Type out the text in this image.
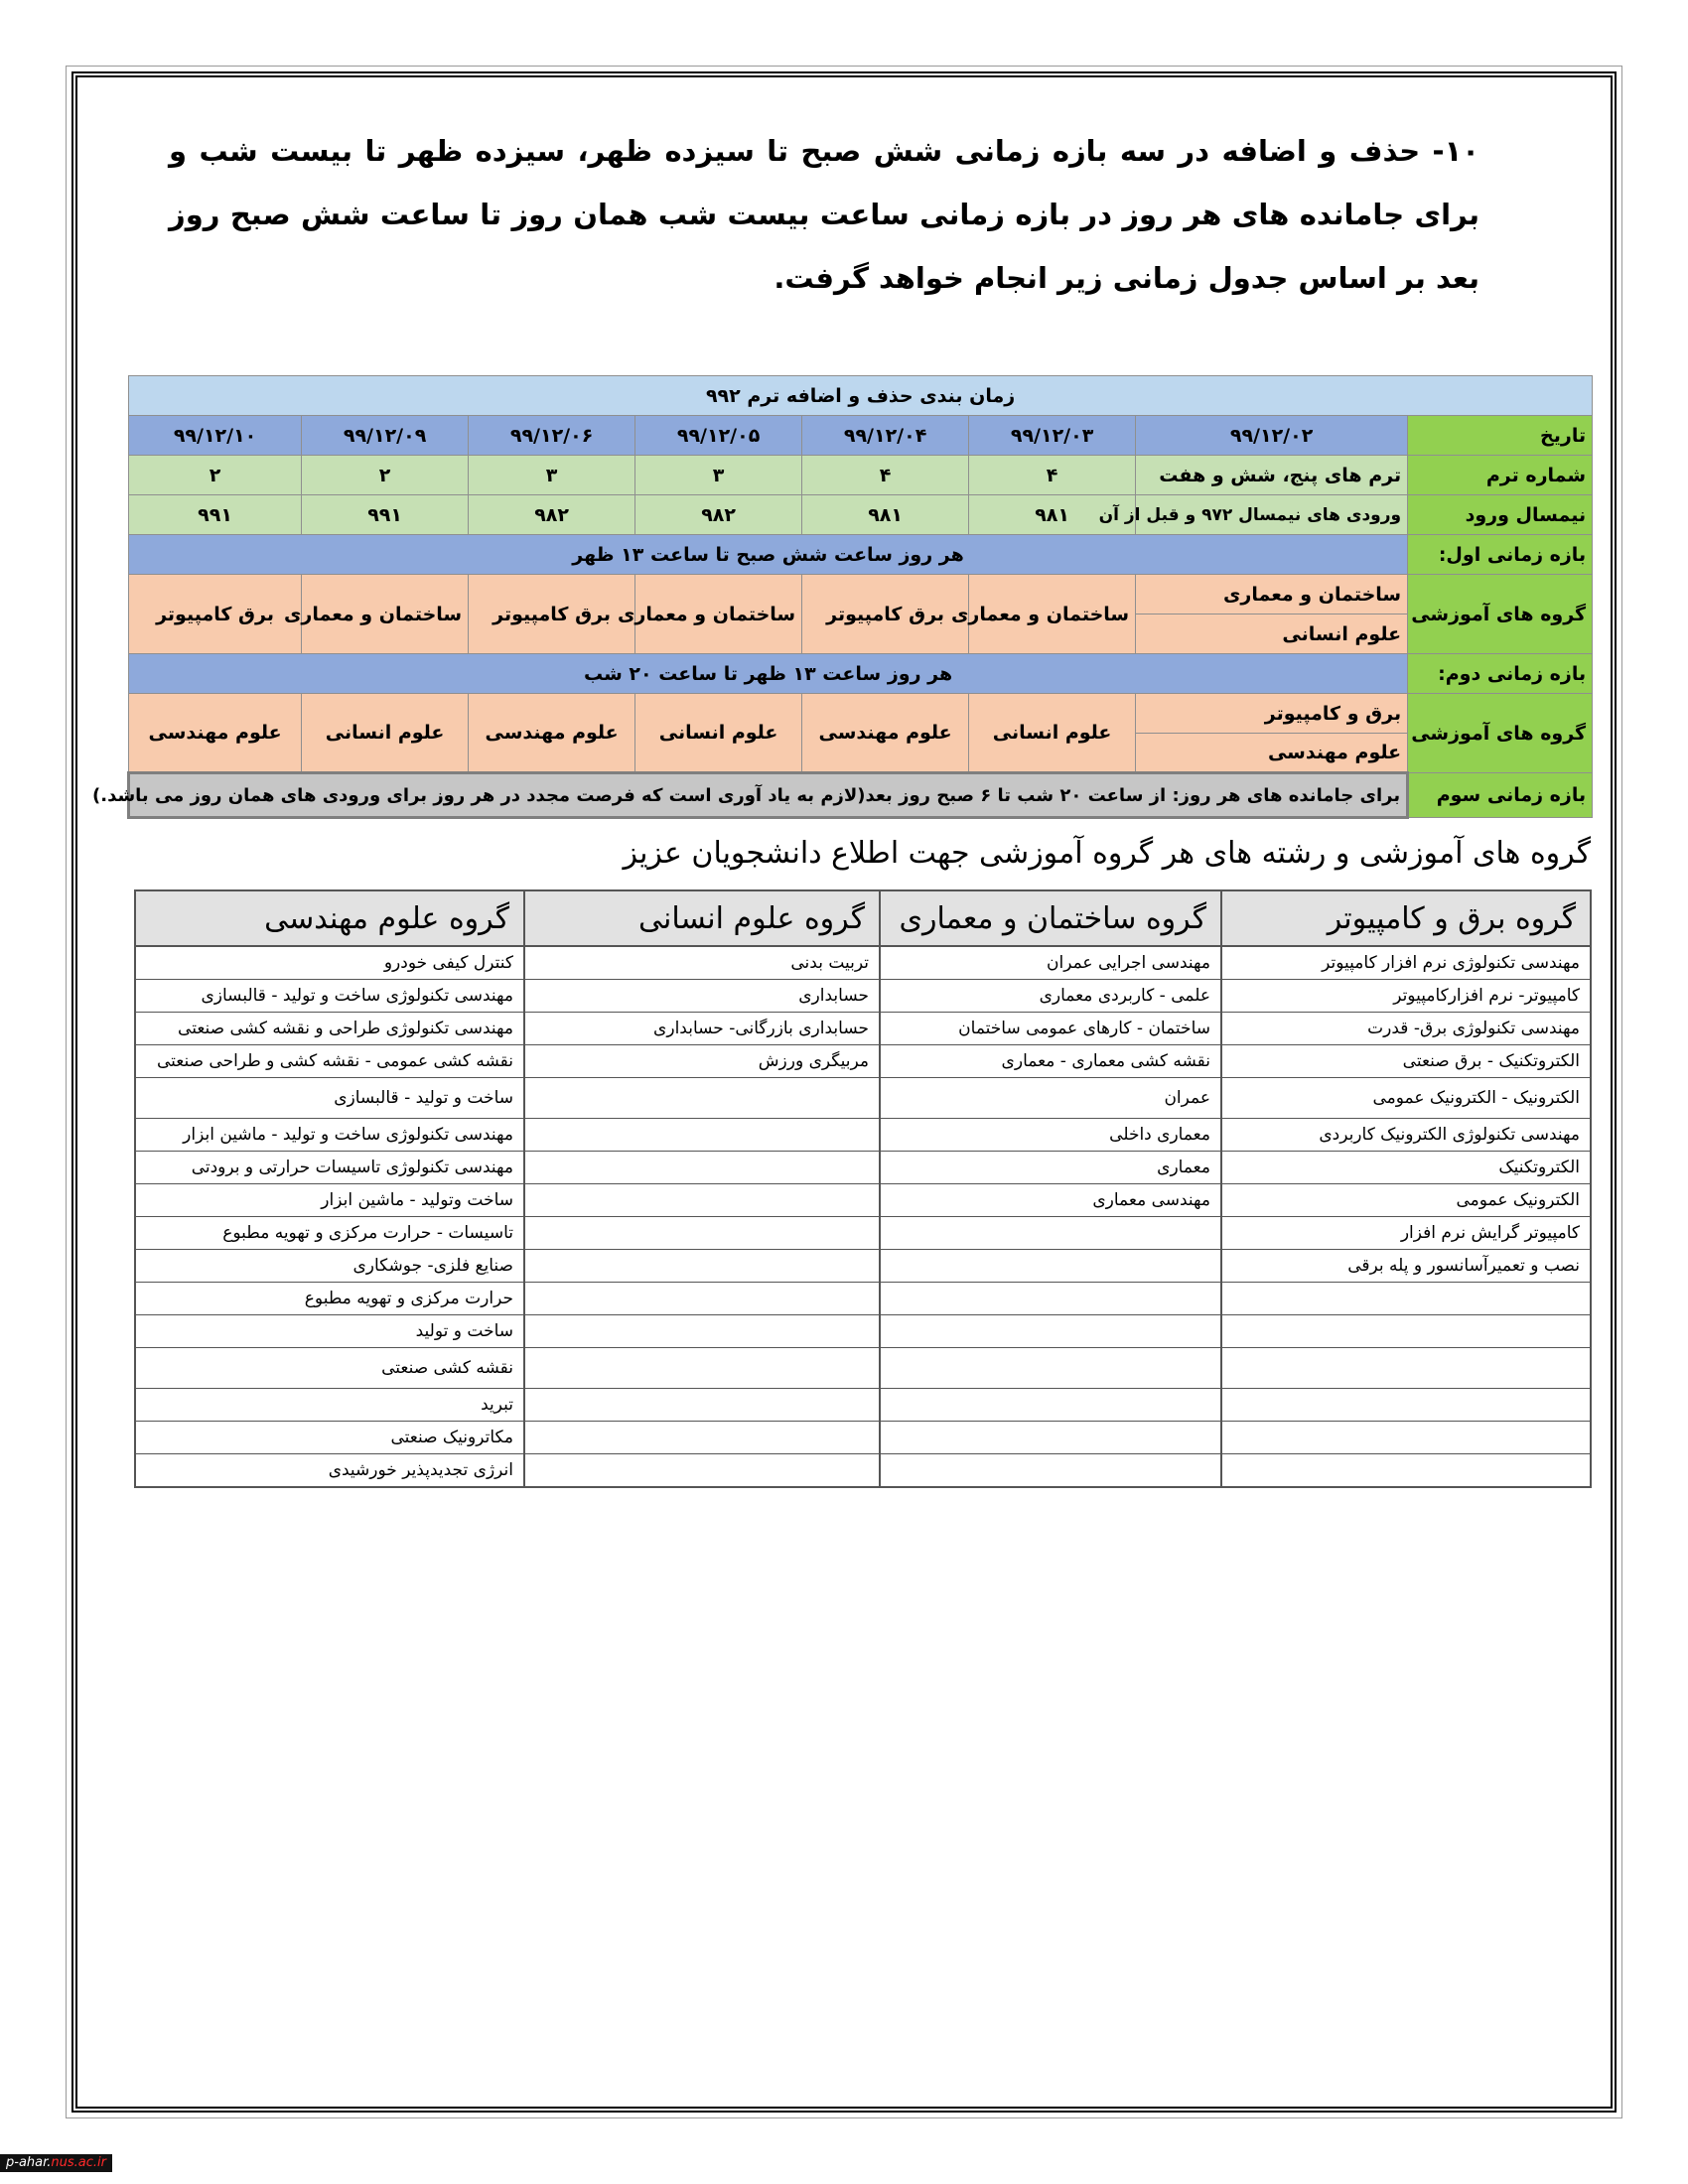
۱۰- حذف و اضافه در سه بازه زمانی شش صبح تا سیزده ظهر، سیزده ظهر تا بیست شب و برای جامانده های هر روز در بازه زمانی ساعت بیست شب همان روز تا ساعت شش صبح روز بعد بر اساس جدول زمانی زیر انجام خواهد گرفت.
زمان بندی حذف و اضافه ترم ۹۹۲							
تاریخ	۹۹/۱۲/۰۲	۹۹/۱۲/۰۳	۹۹/۱۲/۰۴	۹۹/۱۲/۰۵	۹۹/۱۲/۰۶	۹۹/۱۲/۰۹	۹۹/۱۲/۱۰
شماره ترم	ترم های پنج، شش و هفت	۴	۴	۳	۳	۲	۲
نیمسال ورود	ورودی های نیمسال ۹۷۲ و قبل از آن	۹۸۱	۹۸۱	۹۸۲	۹۸۲	۹۹۱	۹۹۱
بازه زمانی اول:	هر روز ساعت شش صبح تا ساعت ۱۳ ظهر						
گروه های آموزشی	ساختمان و معماری	ساختمان و معماری	برق کامپیوتر	ساختمان و معماری	برق کامپیوتر	ساختمان و معماری	برق کامپیوتر
	علوم انسانی						
بازه زمانی دوم:	هر روز ساعت ۱۳ ظهر تا ساعت ۲۰ شب						
گروه های آموزشی	برق و کامپیوتر	علوم انسانی	علوم مهندسی	علوم انسانی	علوم مهندسی	علوم انسانی	علوم مهندسی
	علوم مهندسی						
بازه زمانی سوم	برای جامانده های هر روز: از ساعت ۲۰ شب تا ۶ صبح روز بعد(لازم به یاد آوری است که فرصت مجدد در هر روز برای ورودی های همان روز می باشد.)						
گروه های آموزشی و رشته های هر گروه آموزشی جهت اطلاع دانشجویان عزیز
گروه برق و کامپیوتر	گروه ساختمان و معماری	گروه علوم انسانی	گروه علوم مهندسی
مهندسی تکنولوژی نرم افزار کامپیوتر	مهندسی اجرایی عمران	تربیت بدنی	کنترل کیفی خودرو
کامپیوتر- نرم افزارکامپیوتر	علمی - کاربردی معماری	حسابداری	مهندسی تکنولوژی ساخت و تولید - قالبسازی
مهندسی تکنولوژی برق- قدرت	ساختمان - کارهای عمومی ساختمان	حسابداری بازرگانی- حسابداری	مهندسی تکنولوژی طراحی و نقشه کشی صنعتی
الکتروتکنیک - برق صنعتی	نقشه کشی معماری - معماری	مربیگری ورزش	نقشه کشی عمومی - نقشه کشی و طراحی صنعتی
الکترونیک - الکترونیک عمومی	عمران		ساخت و تولید - قالبسازی
مهندسی تکنولوژی الکترونیک کاربردی	معماری داخلی		مهندسی تکنولوژی ساخت و تولید - ماشین ابزار
الکتروتکنیک	معماری		مهندسی تکنولوژی تاسیسات حرارتی و برودتی
الکترونیک عمومی	مهندسی معماری		ساخت وتولید - ماشین ابزار
کامپیوتر گرایش نرم افزار			تاسیسات - حرارت مرکزی و تهویه مطبوع
نصب و تعمیرآسانسور و پله برقی			صنایع فلزی- جوشکاری
			حرارت مرکزی و تهویه مطبوع
			ساخت و تولید
			نقشه کشی صنعتی
			تبرید
			مکاترونیک صنعتی
			انرژی تجدیدپذیر خورشیدی
p-ahar.nus.ac.ir
